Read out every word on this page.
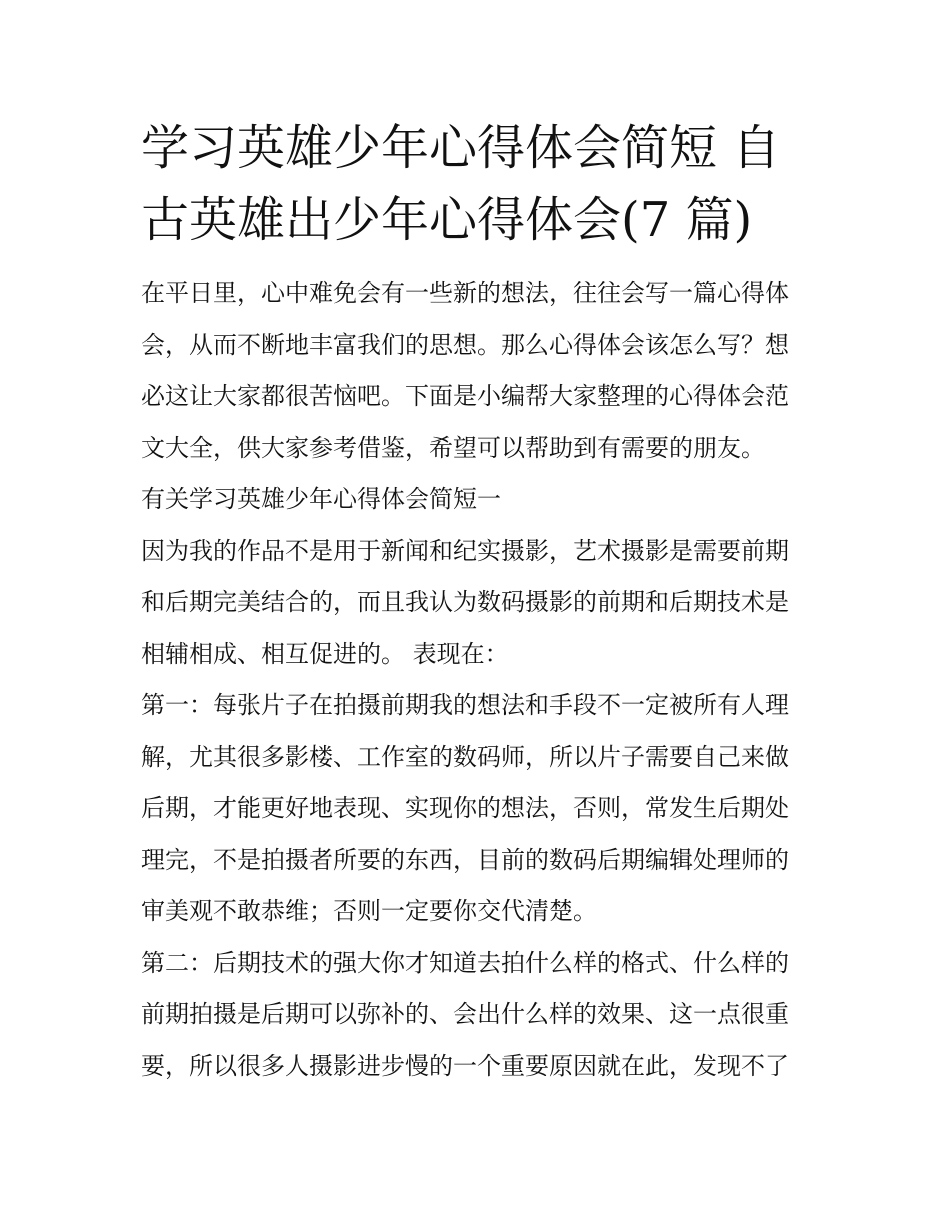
学习英雄少年心得体会简短 自
古英雄出少年心得体会(7 篇)

在平日里，心中难免会有一些新的想法，往往会写一篇心得体
会，从而不断地丰富我们的思想。那么心得体会该怎么写？想
必这让大家都很苦恼吧。下面是小编帮大家整理的心得体会范
文大全，供大家参考借鉴，希望可以帮助到有需要的朋友。

有关学习英雄少年心得体会简短一

因为我的作品不是用于新闻和纪实摄影，艺术摄影是需要前期
和后期完美结合的，而且我认为数码摄影的前期和后期技术是
相辅相成、相互促进的。 表现在：

第一：每张片子在拍摄前期我的想法和手段不一定被所有人理
解，尤其很多影楼、工作室的数码师，所以片子需要自己来做
后期，才能更好地表现、实现你的想法，否则，常发生后期处
理完，不是拍摄者所要的东西，目前的数码后期编辑处理师的
审美观不敢恭维；否则一定要你交代清楚。

第二：后期技术的强大你才知道去拍什么样的格式、什么样的
前期拍摄是后期可以弥补的、会出什么样的效果、这一点很重
要，所以很多人摄影进步慢的一个重要原因就在此，发现不了
